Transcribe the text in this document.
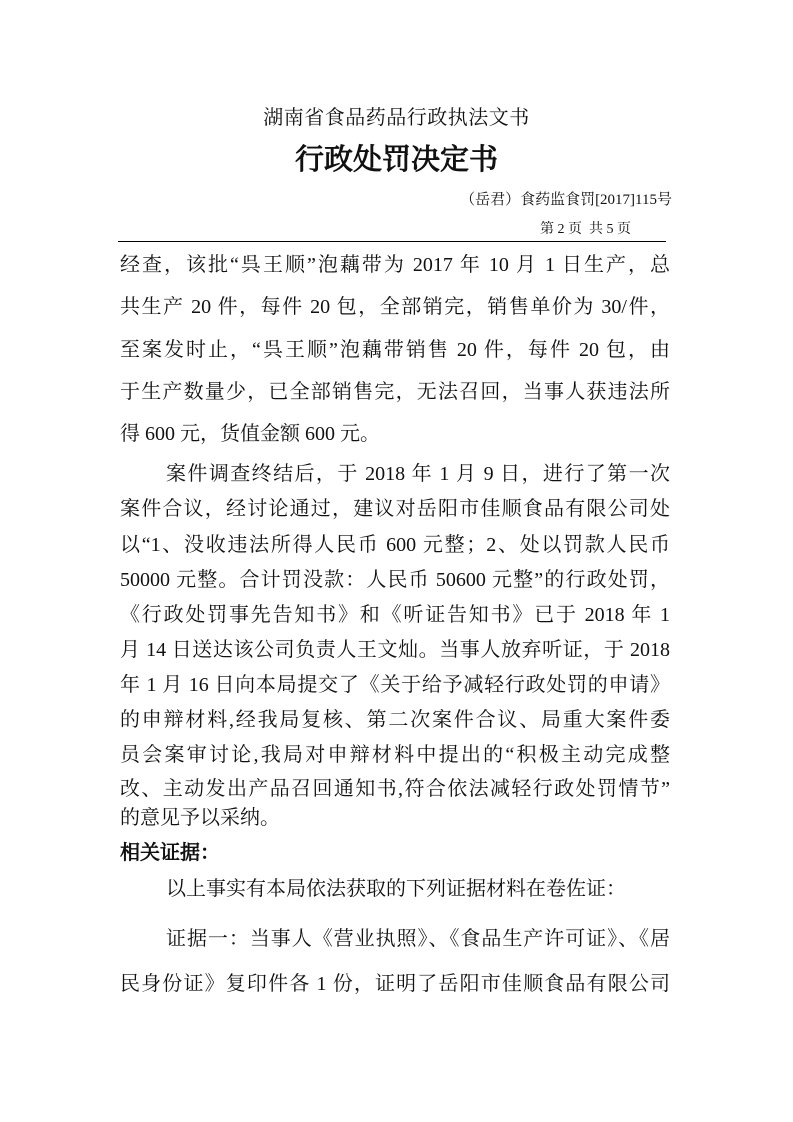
湖南省食品药品行政执法文书
行政处罚决定书
（岳君）食药监食罚[2017]115号
第 2 页  共 5 页
经查，该批“呉王顺”泡藕带为 2017 年 10 月 1 日生产，总
共生产 20 件，每件 20 包，全部销完，销售单价为 30/件，
至案发时止，“呉王顺”泡藕带销售 20 件，每件 20 包，由
于生产数量少，已全部销售完，无法召回，当事人获违法所
得 600 元，货值金额 600 元。
案件调查终结后，于 2018 年 1 月 9 日，进行了第一次
案件合议，经讨论通过，建议对岳阳市佳顺食品有限公司处
以“1、没收违法所得人民币 600 元整；2、处以罚款人民币
50000 元整。合计罚没款：人民币 50600 元整”的行政处罚，
《行政处罚事先告知书》和《听证告知书》已于 2018 年 1
月 14 日送达该公司负责人王文灿。当事人放弃听证，于 2018
年 1 月 16 日向本局提交了《关于给予减轻行政处罚的申请》
的申辩材料,经我局复核、第二次案件合议、局重大案件委
员会案审讨论,我局对申辩材料中提出的“积极主动完成整
改、主动发出产品召回通知书,符合依法减轻行政处罚情节”
的意见予以采纳。
相关证据：
以上事实有本局依法获取的下列证据材料在卷佐证：
证据一：当事人《营业执照》、《食品生产许可证》、《居
民身份证》复印件各 1 份，证明了岳阳市佳顺食品有限公司
